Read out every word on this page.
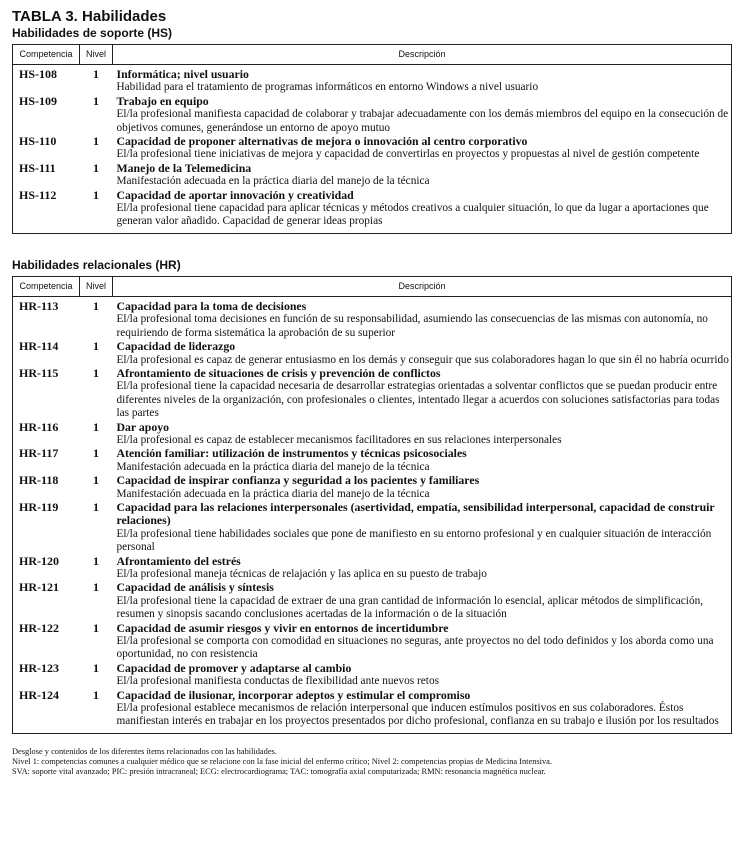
TABLA 3. Habilidades
Habilidades de soporte (HS)
Competencia	Nivel	Descripción
HS-108	1	Informática; nivel usuario
Habilidad para el tratamiento de programas informáticos en entorno Windows a nivel usuario

HS-109	1	Trabajo en equipo
El/la profesional manifiesta capacidad de colaborar y trabajar adecuadamente con los demás miembros del equipo en la consecución de objetivos comunes, generándose un entorno de apoyo mutuo

HS-110	1	Capacidad de proponer alternativas de mejora o innovación al centro corporativo
El/la profesional tiene iniciativas de mejora y capacidad de convertirlas en proyectos y propuestas al nivel de gestión competente

HS-111	1	Manejo de la Telemedicina
Manifestación adecuada en la práctica diaria del manejo de la técnica

HS-112	1	Capacidad de aportar innovación y creatividad
El/la profesional tiene capacidad para aplicar técnicas y métodos creativos a cualquier situación, lo que da lugar a aportaciones que generan valor añadido. Capacidad de generar ideas propias
Habilidades relacionales (HR)
Competencia	Nivel	Descripción
HR-113	1	Capacidad para la toma de decisiones
El/la profesional toma decisiones en función de su responsabilidad, asumiendo las consecuencias de las mismas con autonomía, no requiriendo de forma sistemática la aprobación de su superior

HR-114	1	Capacidad de liderazgo
El/la profesional es capaz de generar entusiasmo en los demás y conseguir que sus colaboradores hagan lo que sin él no habría ocurrido

HR-115	1	Afrontamiento de situaciones de crisis y prevención de conflictos
El/la profesional tiene la capacidad necesaria de desarrollar estrategias orientadas a solventar conflictos que se puedan producir entre diferentes niveles de la organización, con profesionales o clientes, intentado llegar a acuerdos con soluciones satisfactorias para todas las partes

HR-116	1	Dar apoyo
El/la profesional es capaz de establecer mecanismos facilitadores en sus relaciones interpersonales

HR-117	1	Atención familiar: utilización de instrumentos y técnicas psicosociales
Manifestación adecuada en la práctica diaria del manejo de la técnica

HR-118	1	Capacidad de inspirar confianza y seguridad a los pacientes y familiares
Manifestación adecuada en la práctica diaria del manejo de la técnica

HR-119	1	Capacidad para las relaciones interpersonales (asertividad, empatía, sensibilidad interpersonal, capacidad de construir relaciones)
El/la profesional tiene habilidades sociales que pone de manifiesto en su entorno profesional y en cualquier situación de interacción personal

HR-120	1	Afrontamiento del estrés
El/la profesional maneja técnicas de relajación y las aplica en su puesto de trabajo

HR-121	1	Capacidad de análisis y síntesis
El/la profesional tiene la capacidad de extraer de una gran cantidad de información lo esencial, aplicar métodos de simplificación, resumen y sinopsis sacando conclusiones acertadas de la información o de la situación

HR-122	1	Capacidad de asumir riesgos y vivir en entornos de incertidumbre
El/la profesional se comporta con comodidad en situaciones no seguras, ante proyectos no del todo definidos y los aborda como una oportunidad, no con resistencia

HR-123	1	Capacidad de promover y adaptarse al cambio
El/la profesional manifiesta conductas de flexibilidad ante nuevos retos

HR-124	1	Capacidad de ilusionar, incorporar adeptos y estimular el compromiso
El/la profesional establece mecanismos de relación interpersonal que inducen estímulos positivos en sus colaboradores. Éstos manifiestan interés en trabajar en los proyectos presentados por dicho profesional, confianza en su trabajo e ilusión por los resultados
Desglose y contenidos de los diferentes ítems relacionados con las habilidades.
Nivel 1: competencias comunes a cualquier médico que se relacione con la fase inicial del enfermo crítico; Nivel 2: competencias propias de Medicina Intensiva.
SVA: soporte vital avanzado; PIC: presión intracraneal; ECG: electrocardiograma; TAC: tomografía axial computarizada; RMN: resonancia magnética nuclear.
